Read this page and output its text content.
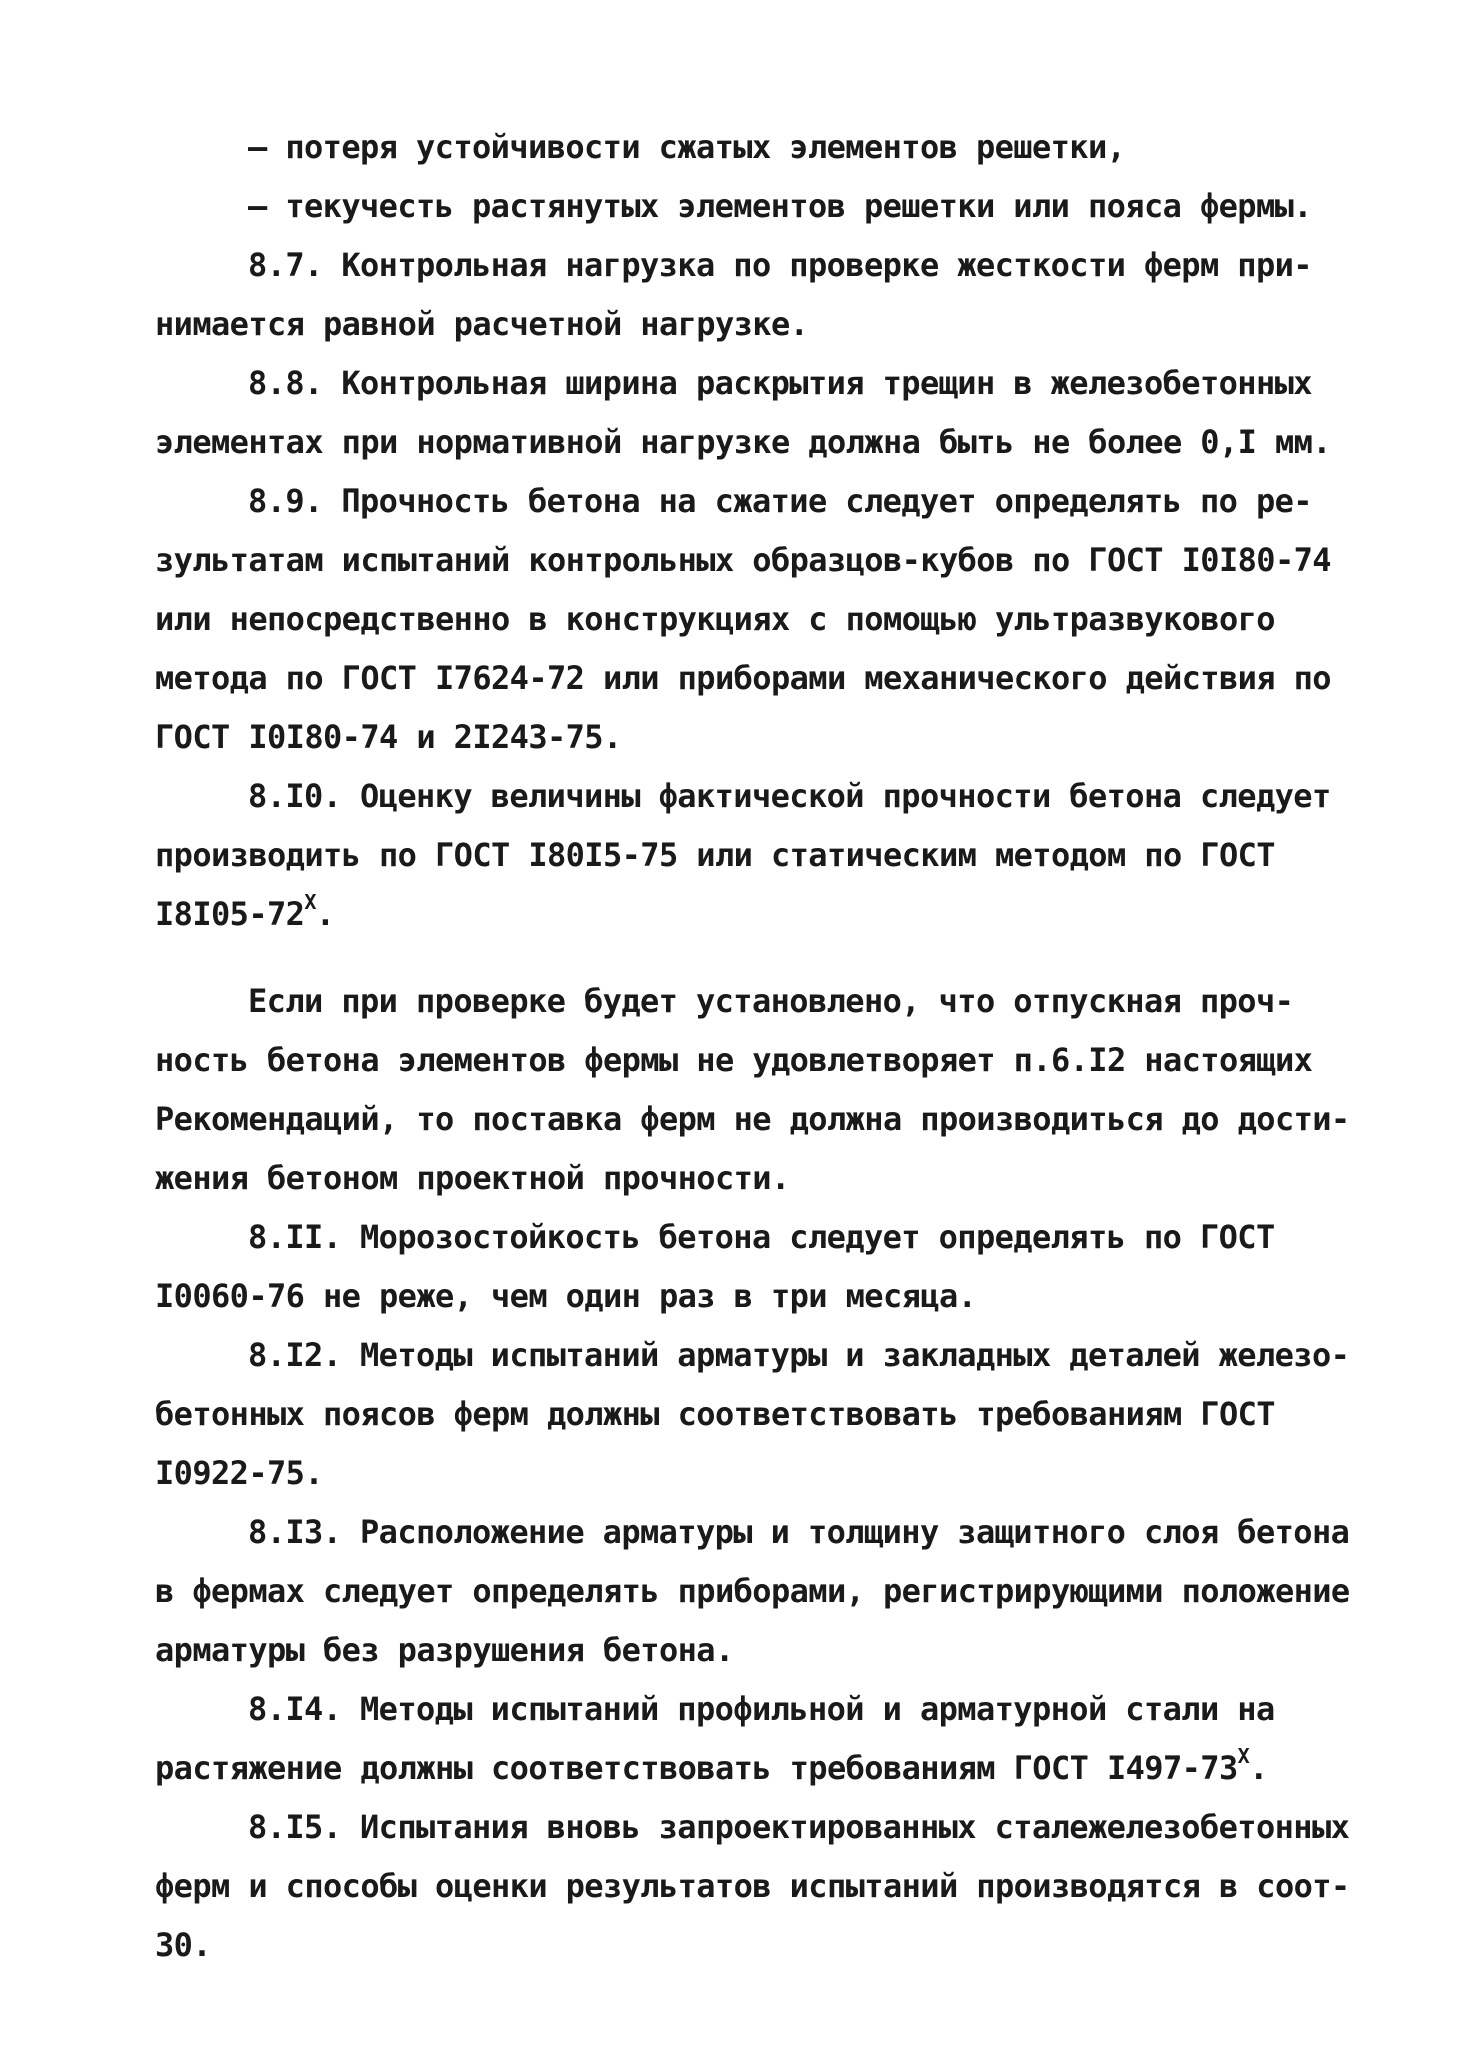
– потеря устойчивости сжатых элементов решетки,
– текучесть растянутых элементов решетки или пояса фермы.
8.7. Контрольная нагрузка по проверке жесткости ферм при-
нимается равной расчетной нагрузке.
8.8. Контрольная ширина раскрытия трещин в железобетонных
элементах при нормативной нагрузке должна быть не более 0,I мм.
8.9. Прочность бетона на сжатие следует определять по ре-
зультатам испытаний контрольных образцов-кубов по ГОСТ I0I80-74
или непосредственно в конструкциях с помощью ультразвукового
метода по ГОСТ I7624-72 или приборами механического действия по
ГОСТ I0I80-74 и 2I243-75.
8.I0. Оценку величины фактической прочности бетона следует
производить по ГОСТ I80I5-75 или статическим методом по ГОСТ
$I8I05-72^X$.
Если при проверке будет установлено, что отпускная проч-
ность бетона элементов фермы не удовлетворяет п.6.I2 настоящих
Рекомендаций, то поставка ферм не должна производиться до дости-
жения бетоном проектной прочности.
8.II. Морозостойкость бетона следует определять по ГОСТ
I0060-76 не реже, чем один раз в три месяца.
8.I2. Методы испытаний арматуры и закладных деталей железо-
бетонных поясов ферм должны соответствовать требованиям ГОСТ
I0922-75.
8.I3. Расположение арматуры и толщину защитного слоя бетона
в фермах следует определять приборами, регистрирующими положение
арматуры без разрушения бетона.
8.I4. Методы испытаний профильной и арматурной стали на
растяжение должны соответствовать требованиям ГОСТ $I497-73^X$.
8.I5. Испытания вновь запроектированных сталежелезобетонных
ферм и способы оценки результатов испытаний производятся в соот-
30.
